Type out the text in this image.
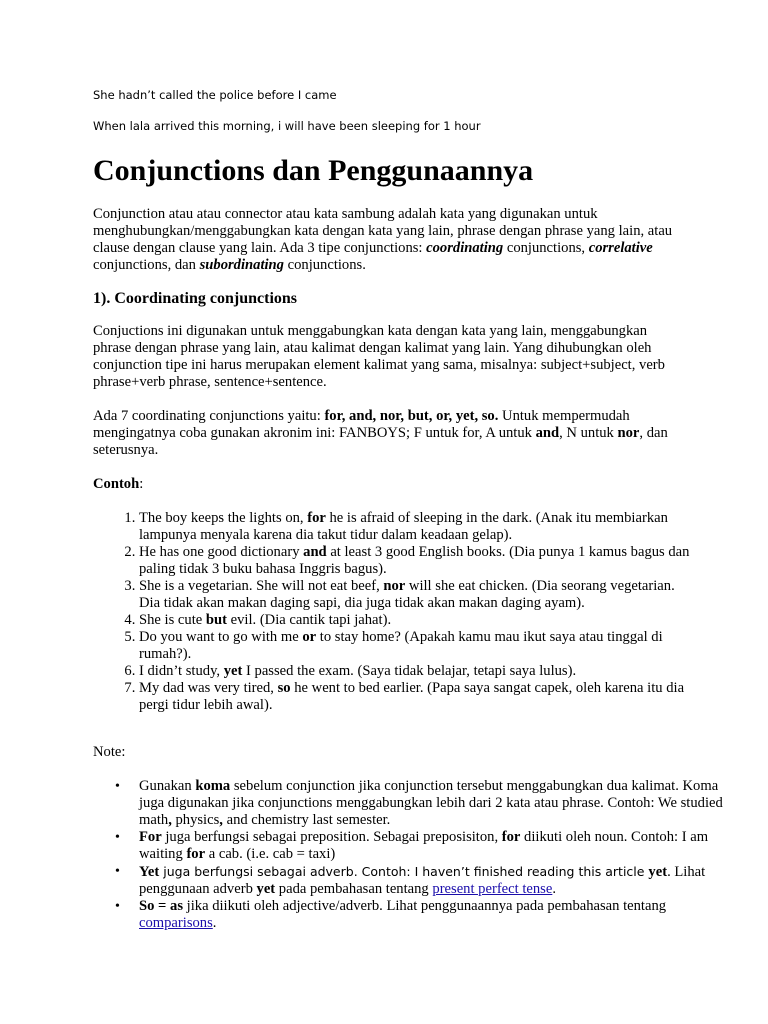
She hadn’t called the police before I came
When lala arrived this morning, i will have been sleeping for 1 hour
Conjunctions dan Penggunaannya

Conjunction atau atau connector atau kata sambung adalah kata yang digunakan untuk menghubungkan/menggabungkan kata dengan kata yang lain, phrase dengan phrase yang lain, atau clause dengan clause yang lain. Ada 3 tipe conjunctions: coordinating conjunctions, correlative conjunctions, dan subordinating conjunctions.

1). Coordinating conjunctions

Conjuctions ini digunakan untuk menggabungkan kata dengan kata yang lain, menggabungkan phrase dengan phrase yang lain, atau kalimat dengan kalimat yang lain. Yang dihubungkan oleh conjunction tipe ini harus merupakan element kalimat yang sama, misalnya: subject+subject, verb phrase+verb phrase, sentence+sentence.

Ada 7 coordinating conjunctions yaitu: for, and, nor, but, or, yet, so. Untuk mempermudah mengingatnya coba gunakan akronim ini: FANBOYS; F untuk for, A untuk and, N untuk nor, dan seterusnya.

Contoh:

1. The boy keeps the lights on, for he is afraid of sleeping in the dark. (Anak itu membiarkan lampunya menyala karena dia takut tidur dalam keadaan gelap).
2. He has one good dictionary and at least 3 good English books. (Dia punya 1 kamus bagus dan paling tidak 3 buku bahasa Inggris bagus).
3. She is a vegetarian. She will not eat beef, nor will she eat chicken. (Dia seorang vegetarian. Dia tidak akan makan daging sapi, dia juga tidak akan makan daging ayam).
4. She is cute but evil. (Dia cantik tapi jahat).
5. Do you want to go with me or to stay home? (Apakah kamu mau ikut saya atau tinggal di rumah?).
6. I didn’t study, yet I passed the exam. (Saya tidak belajar, tetapi saya lulus).
7. My dad was very tired, so he went to bed earlier. (Papa saya sangat capek, oleh karena itu dia pergi tidur lebih awal).

Note:

• Gunakan koma sebelum conjunction jika conjunction tersebut menggabungkan dua kalimat. Koma juga digunakan jika conjunctions menggabungkan lebih dari 2 kata atau phrase. Contoh: We studied math, physics, and chemistry last semester.
• For juga berfungsi sebagai preposition. Sebagai preposisiton, for diikuti oleh noun. Contoh: I am waiting for a cab. (i.e. cab = taxi)
• Yet juga berfungsi sebagai adverb. Contoh: I haven’t finished reading this article yet. Lihat penggunaan adverb yet pada pembahasan tentang present perfect tense.
• So = as jika diikuti oleh adjective/adverb. Lihat penggunaannya pada pembahasan tentang comparisons.
